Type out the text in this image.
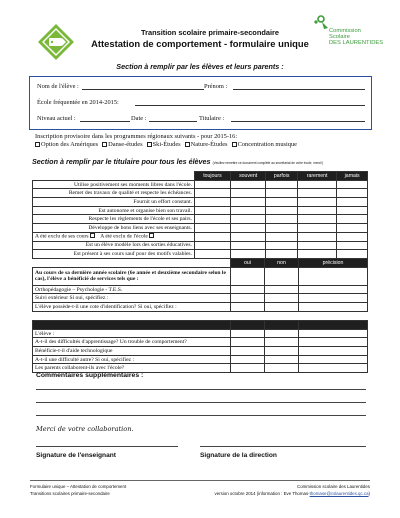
Transition scolaire primaire-secondaire
Attestation de comportement - formulaire unique
Commission
Scolaire
DES LAURENTIDES
Section à remplir par les élèves et leurs parents :
Nom de l'élève :	Prénom :
École fréquentée en 2014-2015:
Niveau actuel :	Date :	Titulaire :
Inscription provisoire dans les programmes régionaux suivants - pour 2015-16:
Option des Amériques	Danse-études	Ski-Études	Nature-Études	Concentration musique
Section à remplir par le titulaire pour tous les élèves (Veuillez remettre ce document complété au secrétariat de votre école, merci!)
	toujours	souvent	parfois	rarement	jamais
Utilise positivement ses moments libres dans l'école.					
Remet des travaux de qualité et respecte les échéances.					
Fournit un effort constant.					
Est autonome et organise bien son travail.					
Respecte les règlements de l'école et ses pairs.					
Développe de bons liens avec ses enseignants.					
A été exclu de ses cours A été exclu de l'école					
Est un élève modèle lors des sorties éducatives.					
Est présent à ses cours sauf pour des motifs valables.					
	oui	non	précision
Au cours de sa dernière année scolaire (6e année et deuxième secondaire selon le cas), l'élève a bénéficié de services tels que :			
Orthopédagogie – Psychologie - T.E.S.			
Suivi extérieur Si oui, spécifiez :			
L'élève possède-t-il une cote d'identification? Si oui, spécifiez :			

L'élève :			
A-t-il des difficultés d'apprentissage? Un trouble de comportement?			
Bénéficie-t-il d'aide technologique			
A-t-il une difficulté autre? Si oui, spécifiez :			
Les parents collaborent-ils avec l'école?			
Commentaires supplémentaires :
Merci de votre collaboration.
Signature de l'enseignant	Signature de la direction
Formulaire unique – Attestation de comportement
Transitions scolaires primaire-secondaire
Commission scolaire des Laurentides
version octobre 2014 (information : Eve Thomas-thomase@cslaurentides.qc.ca)
